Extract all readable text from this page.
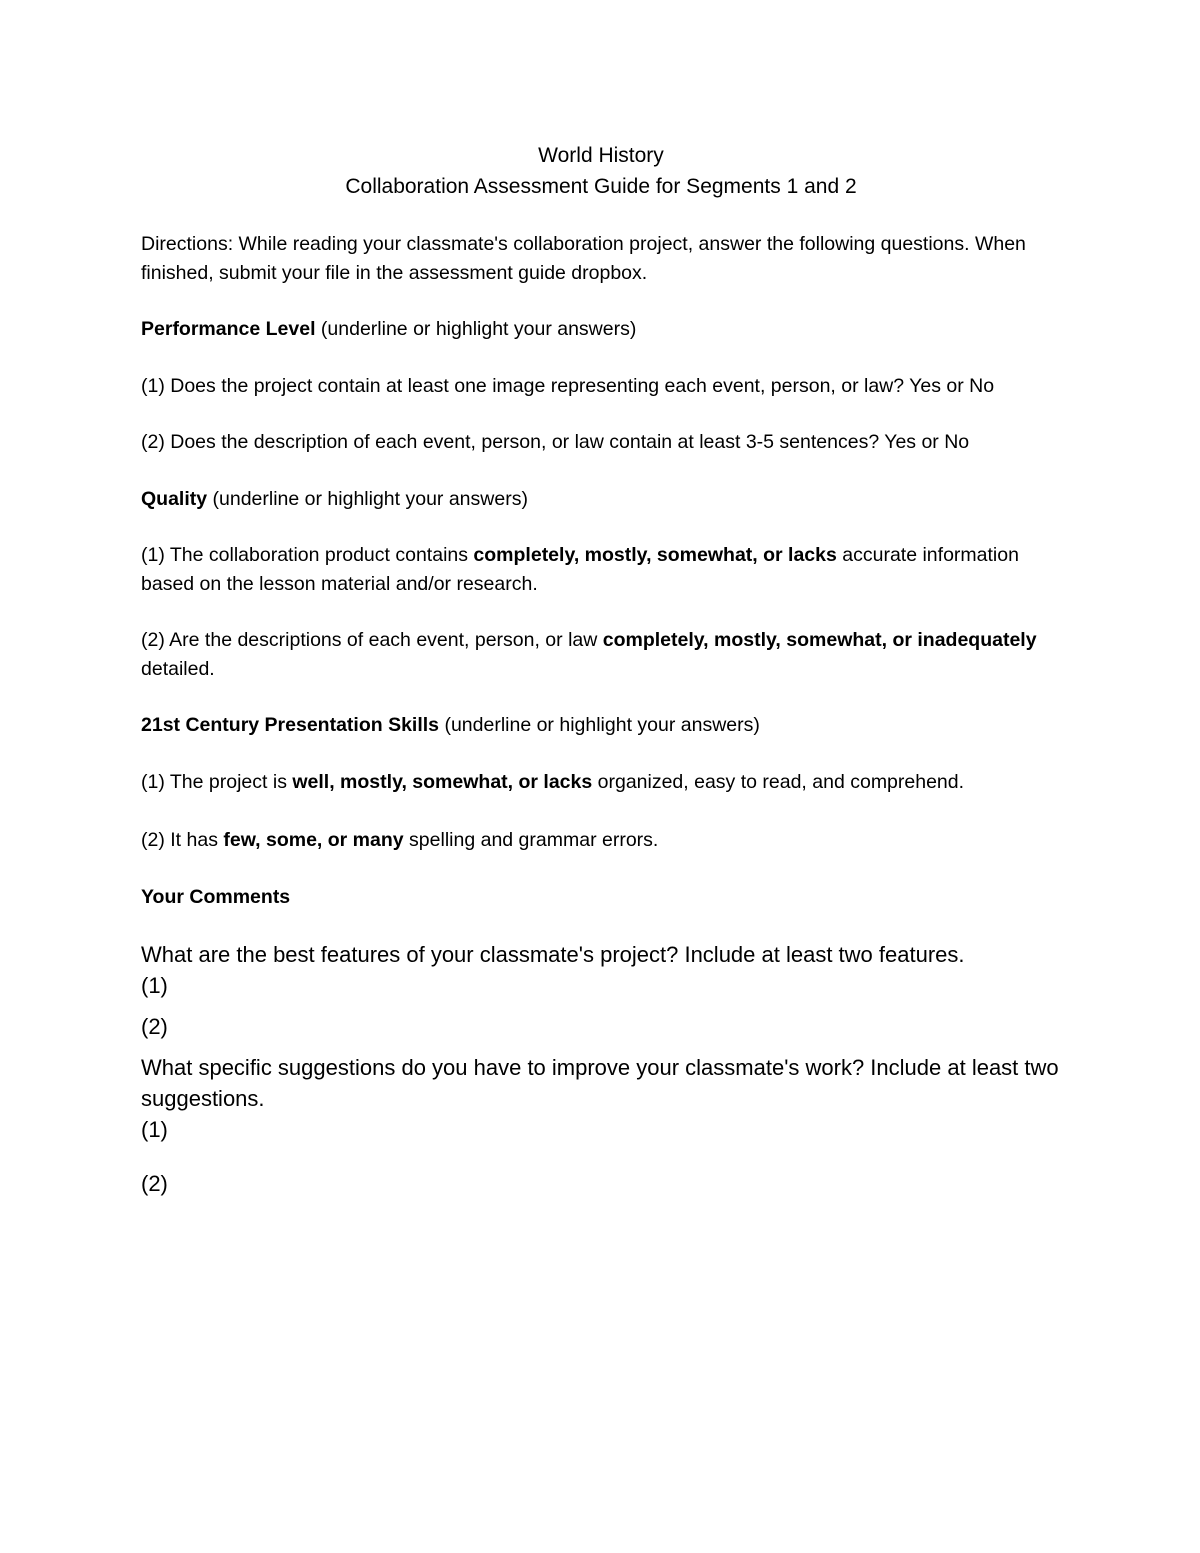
World History

Collaboration Assessment Guide for Segments 1 and 2

Directions: While reading your classmate's collaboration project, answer the following questions. When finished, submit your file in the assessment guide dropbox.

Performance Level (underline or highlight your answers)

(1) Does the project contain at least one image representing each event, person, or law? Yes or No

(2) Does the description of each event, person, or law contain at least 3-5 sentences? Yes or No

Quality (underline or highlight your answers)

(1) The collaboration product contains completely, mostly, somewhat, or lacks accurate information based on the lesson material and/or research.

(2) Are the descriptions of each event, person, or law completely, mostly, somewhat, or inadequately detailed.

21st Century Presentation Skills (underline or highlight your answers)

(1) The project is well, mostly, somewhat, or lacks organized, easy to read, and comprehend.

(2) It has few, some, or many spelling and grammar errors.

Your Comments

What are the best features of your classmate's project? Include at least two features.

(1)

(2)

What specific suggestions do you have to improve your classmate's work? Include at least two suggestions.

(1)

(2)
